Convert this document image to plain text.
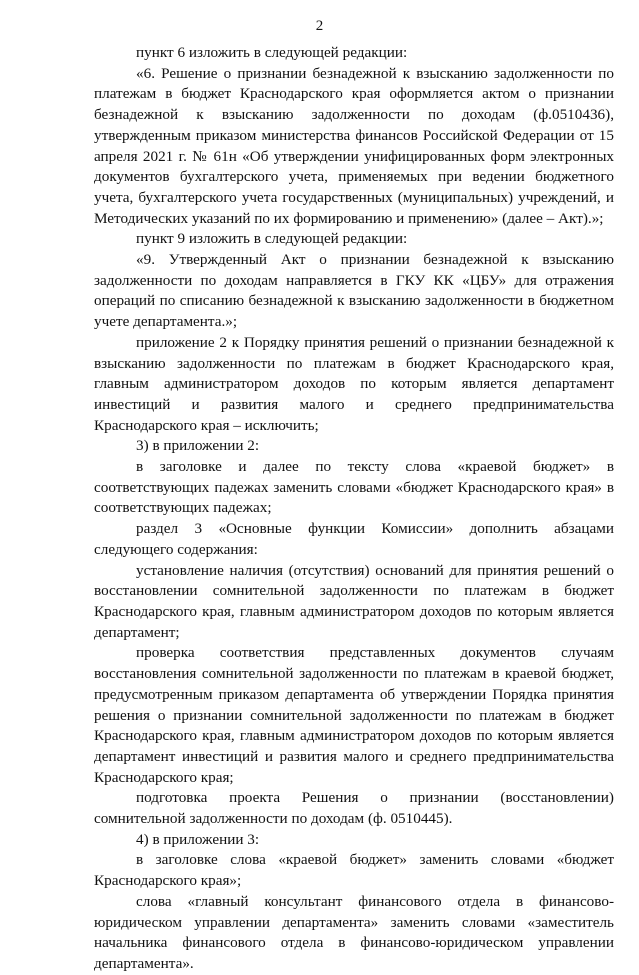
2

пункт 6 изложить в следующей редакции:

«6. Решение о признании безнадежной к взысканию задолженности по платежам в бюджет Краснодарского края оформляется актом о признании безнадежной к взысканию задолженности по доходам (ф.0510436), утвержденным приказом министерства финансов Российской Федерации от 15 апреля 2021 г. № 61н «Об утверждении унифицированных форм электронных документов бухгалтерского учета, применяемых при ведении бюджетного учета, бухгалтерского учета государственных (муниципальных) учреждений, и Методических указаний по их формированию и применению» (далее – Акт).»;

пункт 9 изложить в следующей редакции:

«9. Утвержденный Акт о признании безнадежной к взысканию задолженности по доходам направляется в ГКУ КК «ЦБУ» для отражения операций по списанию безнадежной к взысканию задолженности в бюджетном учете департамента.»;

приложение 2 к Порядку принятия решений о признании безнадежной к взысканию задолженности по платежам в бюджет Краснодарского края, главным администратором доходов по которым является департамент инвестиций и развития малого и среднего предпринимательства Краснодарского края – исключить;

3) в приложении 2:

в заголовке и далее по тексту слова «краевой бюджет» в соответствующих падежах заменить словами «бюджет Краснодарского края» в соответствующих падежах;

раздел 3 «Основные функции Комиссии» дополнить абзацами следующего содержания:

установление наличия (отсутствия) оснований для принятия решений о восстановлении сомнительной задолженности по платежам в бюджет Краснодарского края, главным администратором доходов по которым является департамент;

проверка соответствия представленных документов случаям восстановления сомнительной задолженности по платежам в краевой бюджет, предусмотренным приказом департамента об утверждении Порядка принятия решения о признании сомнительной задолженности по платежам в бюджет Краснодарского края, главным администратором доходов по которым является департамент инвестиций и развития малого и среднего предпринимательства Краснодарского края;

подготовка проекта Решения о признании (восстановлении) сомнительной задолженности по доходам (ф. 0510445).

4) в приложении 3:

в заголовке слова «краевой бюджет» заменить словами «бюджет Краснодарского края»;

слова «главный консультант финансового отдела в финансово-юридическом управлении департамента» заменить словами «заместитель начальника финансового отдела в финансово-юридическом управлении департамента».
